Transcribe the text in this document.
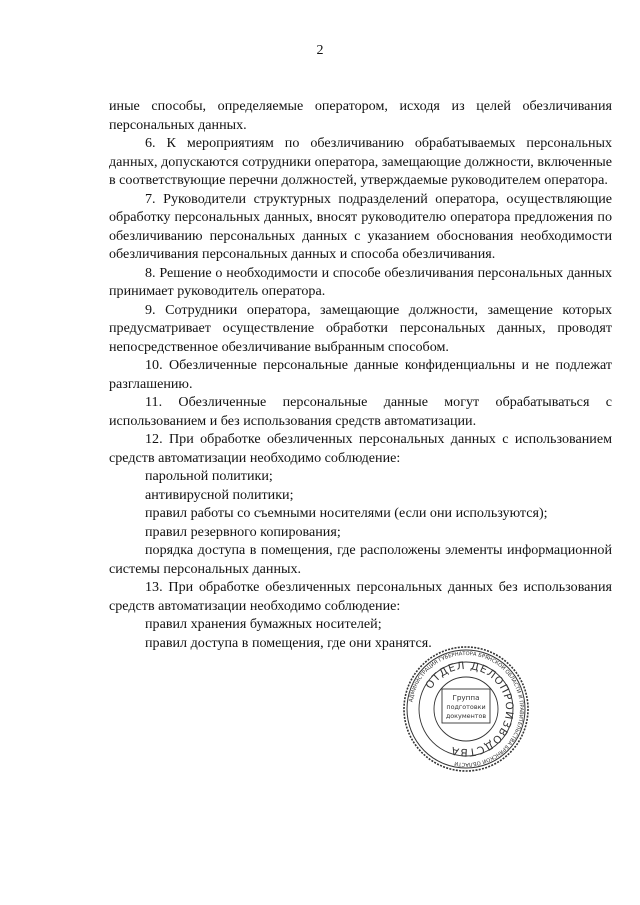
2

иные способы, определяемые оператором, исходя из целей обезличивания персональных данных.

6. К мероприятиям по обезличиванию обрабатываемых персональных данных, допускаются сотрудники оператора, замещающие должности, включенные в соответствующие перечни должностей, утверждаемые руководителем оператора.

7. Руководители структурных подразделений оператора, осуществляющие обработку персональных данных, вносят руководителю оператора предложения по обезличиванию персональных данных с указанием обоснования необходимости обезличивания персональных данных и способа обезличивания.

8. Решение о необходимости и способе обезличивания персональных данных принимает руководитель оператора.

9. Сотрудники оператора, замещающие должности, замещение которых предусматривает осуществление обработки персональных данных, проводят непосредственное обезличивание выбранным способом.

10. Обезличенные персональные данные конфиденциальны и не подлежат разглашению.

11. Обезличенные персональные данные могут обрабатываться с использованием и без использования средств автоматизации.

12. При обработке обезличенных персональных данных с использованием средств автоматизации необходимо соблюдение:

парольной политики;

антивирусной политики;

правил работы со съемными носителями (если они используются);

правил резервного копирования;

порядка доступа в помещения, где расположены элементы информационной системы персональных данных.

13. При обработке обезличенных персональных данных без использования средств автоматизации необходимо соблюдение:

правил хранения бумажных носителей;

правил доступа в помещения, где они хранятся.

АДМИНИСТРАЦИЯ ГУБЕРНАТОРА БРЯНСКОЙ ОБЛАСТИ И ПРАВИТЕЛЬСТВА БРЯНСКОЙ ОБЛАСТИ
ОТДЕЛ ДЕЛОПРОИЗВОДСТВА
Группа
подготовки
документов
